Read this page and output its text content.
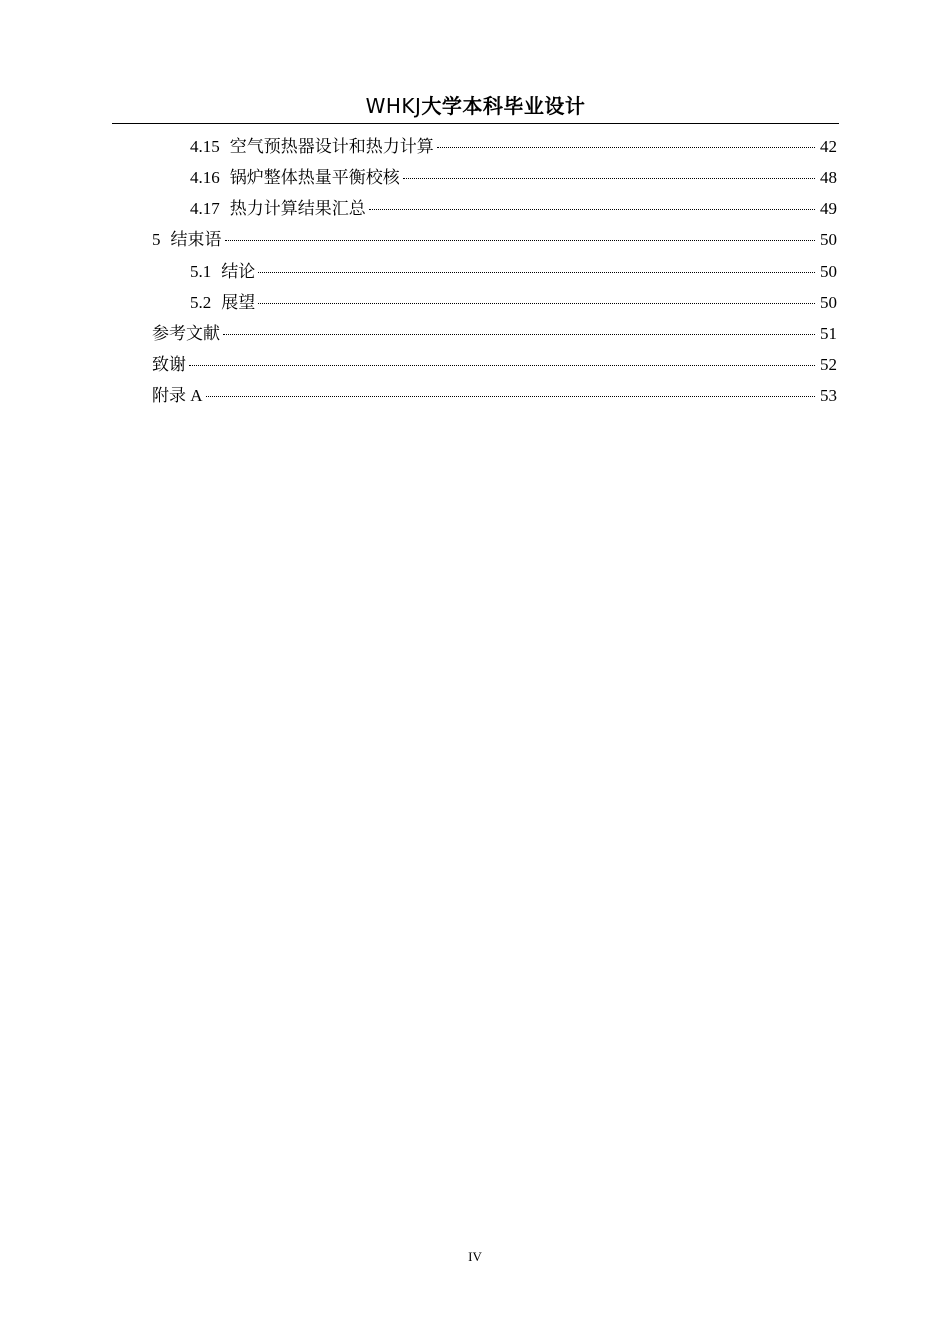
WHKJ大学本科毕业设计
4.15 空气预热器设计和热力计算	42
4.16 锅炉整体热量平衡校核	48
4.17 热力计算结果汇总	49
5 结束语	50
5.1 结论	50
5.2 展望	50
参考文献	51
致谢	52
附录 A	53
IV
